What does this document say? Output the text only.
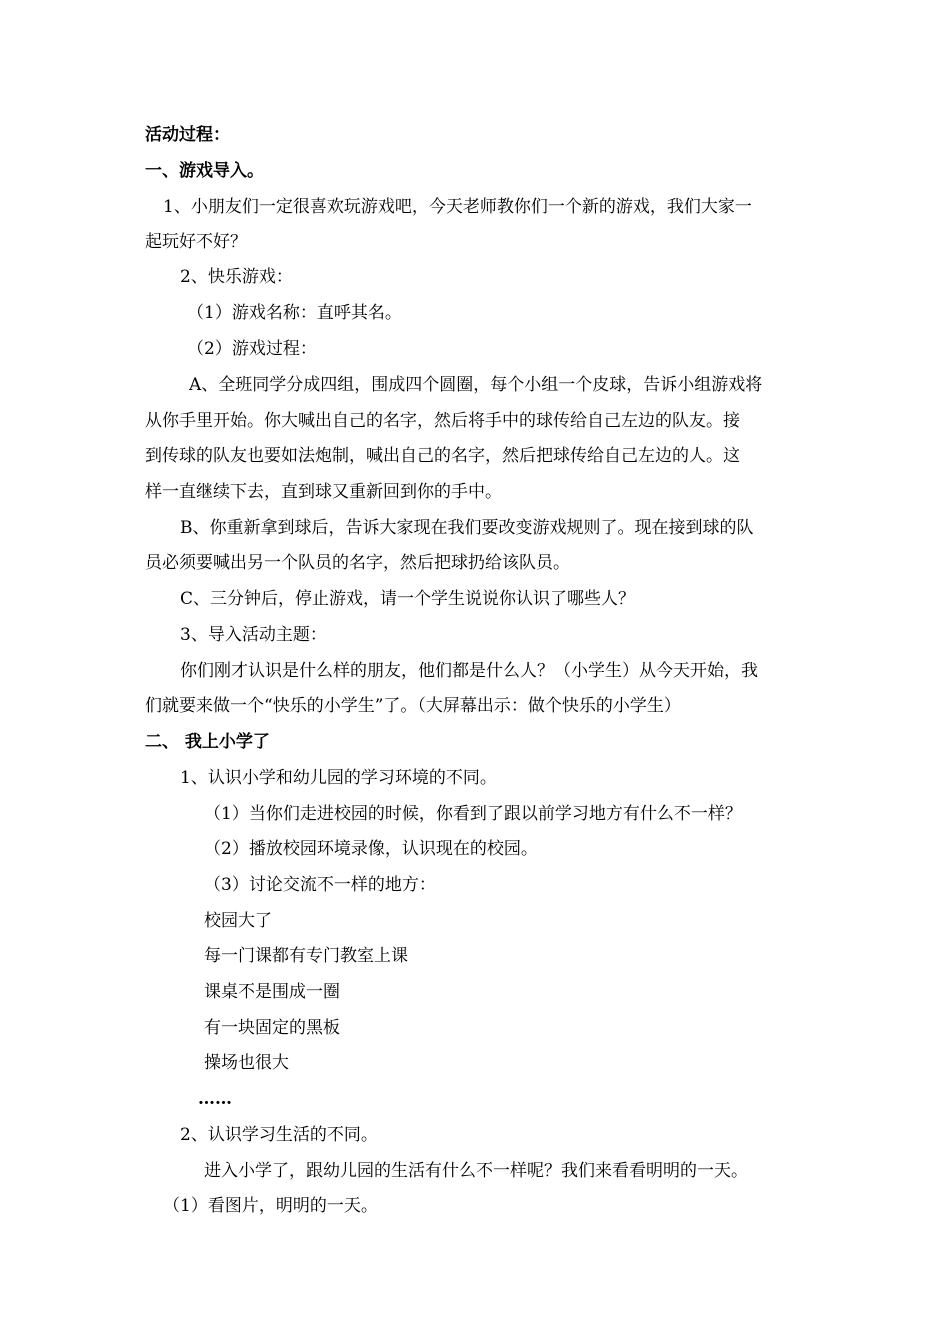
活动过程：
一、游戏导入。
1、小朋友们一定很喜欢玩游戏吧，今天老师教你们一个新的游戏，我们大家一
起玩好不好？
2、快乐游戏：
（1）游戏名称：直呼其名。
（2）游戏过程：
A、全班同学分成四组，围成四个圆圈，每个小组一个皮球，告诉小组游戏将
从你手里开始。你大喊出自己的名字，然后将手中的球传给自己左边的队友。接
到传球的队友也要如法炮制，喊出自己的名字，然后把球传给自己左边的人。这
样一直继续下去，直到球又重新回到你的手中。
B、你重新拿到球后，告诉大家现在我们要改变游戏规则了。现在接到球的队
员必须要喊出另一个队员的名字，然后把球扔给该队员。
C、三分钟后，停止游戏，请一个学生说说你认识了哪些人？
3、导入活动主题：
你们刚才认识是什么样的朋友，他们都是什么人？（小学生）从今天开始，我
们就要来做一个“快乐的小学生”了。（大屏幕出示：做个快乐的小学生）
二、 我上小学了
1、认识小学和幼儿园的学习环境的不同。
（1）当你们走进校园的时候，你看到了跟以前学习地方有什么不一样？
（2）播放校园环境录像，认识现在的校园。
（3）讨论交流不一样的地方：
校园大了
每一门课都有专门教室上课
课桌不是围成一圈
有一块固定的黑板
操场也很大
……
2、认识学习生活的不同。
进入小学了，跟幼儿园的生活有什么不一样呢？我们来看看明明的一天。
（1）看图片，明明的一天。
